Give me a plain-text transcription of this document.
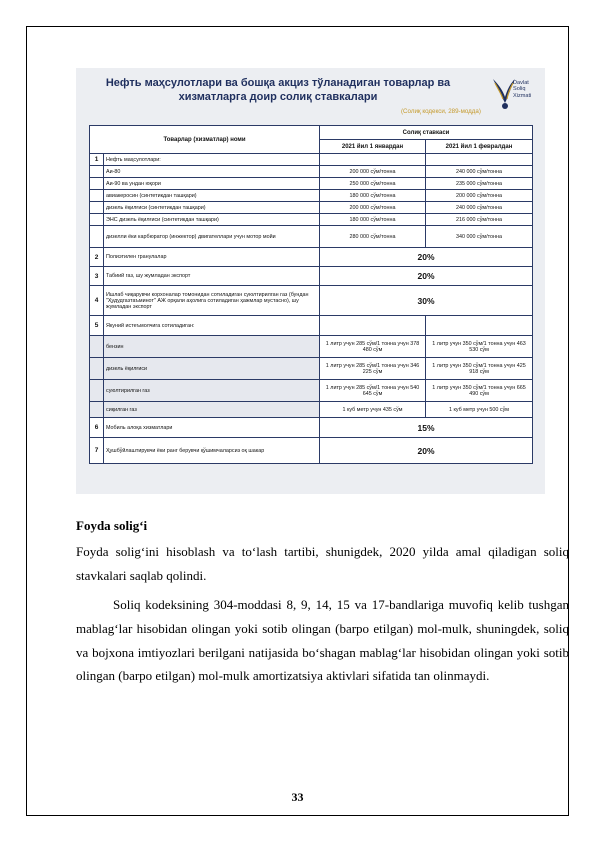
Нефть маҳсулотлари ва бошқа акциз тўланадиган товарлар ва хизматларга доир солиқ ставкалари
(Солиқ кодекси, 289-модда)
Davlat
Soliq
Xizmati
Товарлар (хизматлар) номи		Солиқ ставкаси	
		2021 йил 1 январдан	2021 йил 1 февралдан
1	Нефть маҳсулотлари:		
	Аи-80	200 000 сўм/тонна	240 000 сўм/тонна
	Аи-90 ва ундан юқори	250 000 сўм/тонна	235 000 сўм/тонна
	авиакеросин (синтетикдан ташқари)	180 000 сўм/тонна	200 000 сўм/тонна
	дизель ёқилғиси (синтетикдан ташқари)	200 000 сўм/тонна	240 000 сўм/тонна
	ЭНС дизель ёқилғиси (синтетикдан ташқари)	180 000 сўм/тонна	216 000 сўм/тонна
	дизелли ёки карбюратор (инжектор) двигателлари учун мотор мойи	280 000 сўм/тонна	340 000 сўм/тонна
2	Полиэтилен гранулалар	20%	
3	Табиий газ, шу жумладан экспорт	20%	
4	Ишлаб чиқарувчи корхоналар томонидан сотиладиган суюлтирилган газ (бундан "Ҳудудгазтаъминот" АЖ орқали аҳолига сотиладиган ҳажмлар мустасно), шу жумладан экспорт	30%	
5	Якуний истеъмолчига сотиладиган:		
	бензин	1 литр учун 285 сўм/1 тонна учун 378 480 сўм	1 литр учун 350 сўм/1 тонна учун 463 530 сўм
	дизель ёқилғиси	1 литр учун 285 сўм/1 тонна учун 346 225 сўм	1 литр учун 350 сўм/1 тонна учун 425 918 сўм
	суюлтирилган газ	1 литр учун 285 сўм/1 тонна учун 540 645 сўм	1 литр учун 350 сўм/1 тонна учун 665 490 сўм
	сиқилган газ	1 куб метр учун 435 сўм	1 куб метр учун 500 сўм
6	Мобиль алоқа хизматлари	15%	
7	Ҳушбўйлаштирувчи ёки ранг берувчи қўшимчаларсиз оқ шакар	20%	
Foyda solig‘i
Foyda solig‘ini hisoblash va to‘lash tartibi, shunigdek, 2020 yilda amal qiladigan soliq stavkalari saqlab qolindi.
Soliq kodeksining 304-moddasi 8, 9, 14, 15 va 17-bandlariga muvofiq kelib tushgan mablag‘lar hisobidan olingan yoki sotib olingan (barpo etilgan) mol-mulk, shuningdek, soliq va bojxona imtiyozlari berilgani natijasida bo‘shagan mablag‘lar hisobidan olingan yoki sotib olingan (barpo etilgan) mol-mulk amortizatsiya aktivlari sifatida tan olinmaydi.
33
